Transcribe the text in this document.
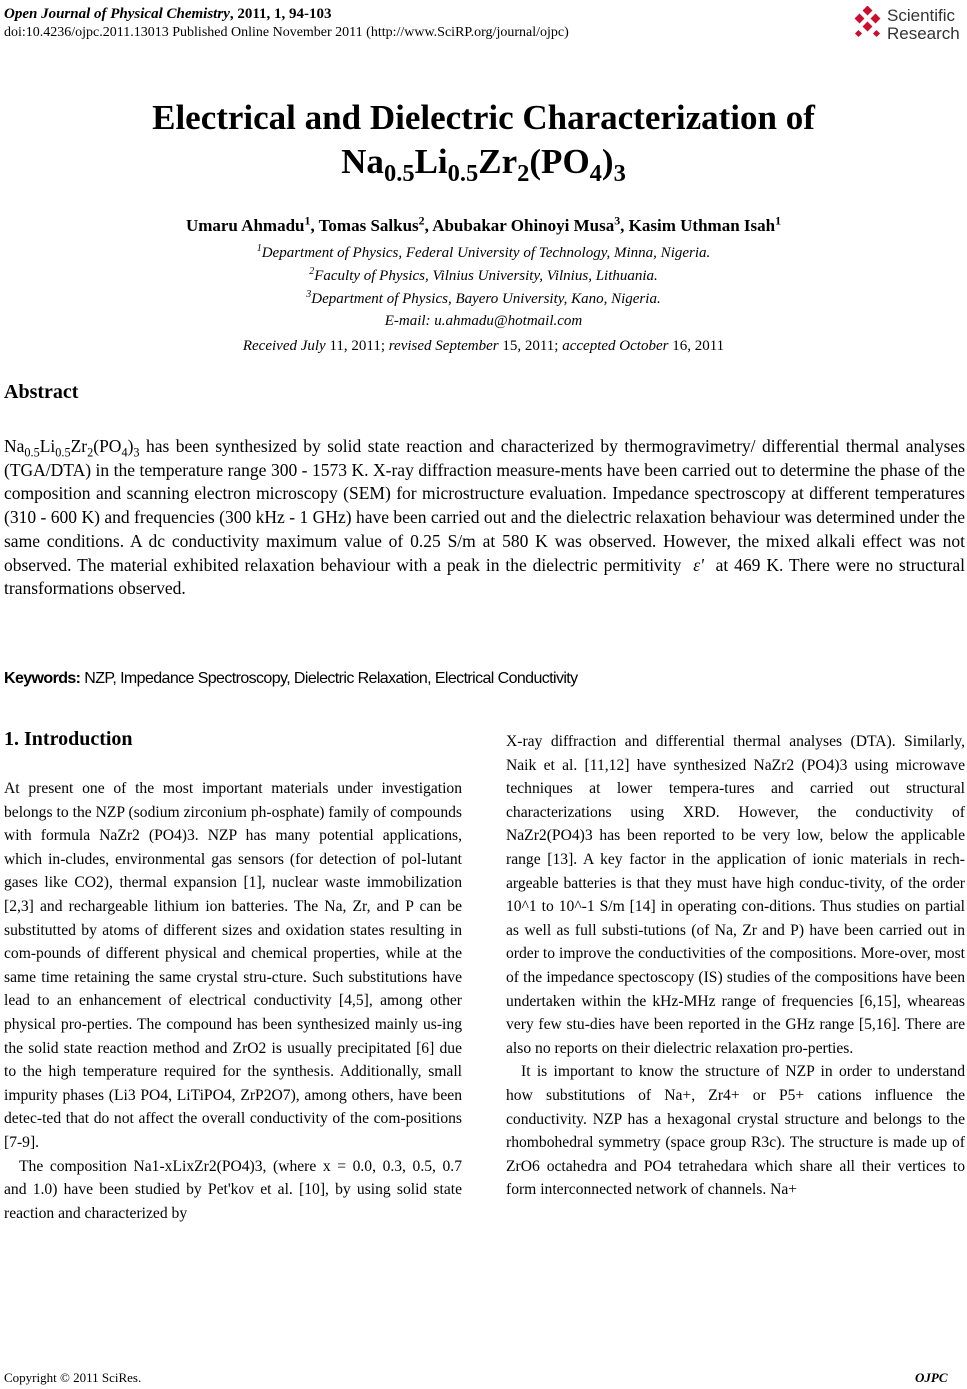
Open Journal of Physical Chemistry, 2011, 1, 94-103
doi:10.4236/ojpc.2011.13013 Published Online November 2011 (http://www.SciRP.org/journal/ojpc)
Scientific
Research
Electrical and Dielectric Characterization of
$Na_{0.5}Li_{0.5}Zr_2(PO_4)_3$
Umaru Ahmadu$^1$, Tomas Salkus$^2$, Abubakar Ohinoyi Musa$^3$, Kasim Uthman Isah$^1$
$^1$Department of Physics, Federal University of Technology, Minna, Nigeria.
$^2$Faculty of Physics, Vilnius University, Vilnius, Lithuania.
$^3$Department of Physics, Bayero University, Kano, Nigeria.
E-mail: u.ahmadu@hotmail.com
Received July 11, 2011; revised September 15, 2011; accepted October 16, 2011
Abstract
$Na_{0.5}Li_{0.5}Zr_2(PO_4)_3$ has been synthesized by solid state reaction and characterized by thermogravimetry/ differential thermal analyses (TGA/DTA) in the temperature range 300 - 1573 K. X-ray diffraction measure-ments have been carried out to determine the phase of the composition and scanning electron microscopy (SEM) for microstructure evaluation. Impedance spectroscopy at different temperatures (310 - 600 K) and frequencies (300 kHz - 1 GHz) have been carried out and the dielectric relaxation behaviour was determined under the same conditions. A dc conductivity maximum value of 0.25 S/m at 580 K was observed. However, the mixed alkali effect was not observed. The material exhibited relaxation behaviour with a peak in the dielectric permitivity ε' at 469 K. There were no structural transformations observed.
Keywords: NZP, Impedance Spectroscopy, Dielectric Relaxation, Electrical Conductivity
1. Introduction

At present one of the most important materials under investigation belongs to the NZP (sodium zirconium ph-osphate) family of compounds with formula NaZr2 (PO4)3. NZP has many potential applications, which in-cludes, environmental gas sensors (for detection of pol-lutant gases like CO2), thermal expansion [1], nuclear waste immobilization [2,3] and rechargeable lithium ion batteries. The Na, Zr, and P can be substitutted by atoms of different sizes and oxidation states resulting in com-pounds of different physical and chemical properties, while at the same time retaining the same crystal stru-cture. Such substitutions have lead to an enhancement of electrical conductivity [4,5], among other physical pro-perties. The compound has been synthesized mainly us-ing the solid state reaction method and ZrO2 is usually precipitated [6] due to the high temperature required for the synthesis. Additionally, small impurity phases (Li3 PO4, LiTiPO4, ZrP2O7), among others, have been detec-ted that do not affect the overall conductivity of the com-positions [7-9].

The composition Na1-xLixZr2(PO4)3, (where x = 0.0, 0.3, 0.5, 0.7 and 1.0) have been studied by Pet'kov et al. [10], by using solid state reaction and characterized by

X-ray diffraction and differential thermal analyses (DTA). Similarly, Naik et al. [11,12] have synthesized NaZr2 (PO4)3 using microwave techniques at lower tempera-tures and carried out structural characterizations using XRD. However, the conductivity of NaZr2(PO4)3 has been reported to be very low, below the applicable range [13]. A key factor in the application of ionic materials in rech-argeable batteries is that they must have high conduc-tivity, of the order 10^1 to 10^-1 S/m [14] in operating con-ditions. Thus studies on partial as well as full substi-tutions (of Na, Zr and P) have been carried out in order to improve the conductivities of the compositions. More-over, most of the impedance spectoscopy (IS) studies of the compositions have been undertaken within the kHz-MHz range of frequencies [6,15], wheareas very few stu-dies have been reported in the GHz range [5,16]. There are also no reports on their dielectric relaxation pro-perties.

It is important to know the structure of NZP in order to understand how substitutions of Na+, Zr4+ or P5+ cations influence the conductivity. NZP has a hexagonal crystal structure and belongs to the rhombohedral symmetry (space group R3c). The structure is made up of ZrO6 octahedra and PO4 tetrahedara which share all their vertices to form interconnected network of channels. Na+

Copyright © 2011 SciRes.	OJPC
